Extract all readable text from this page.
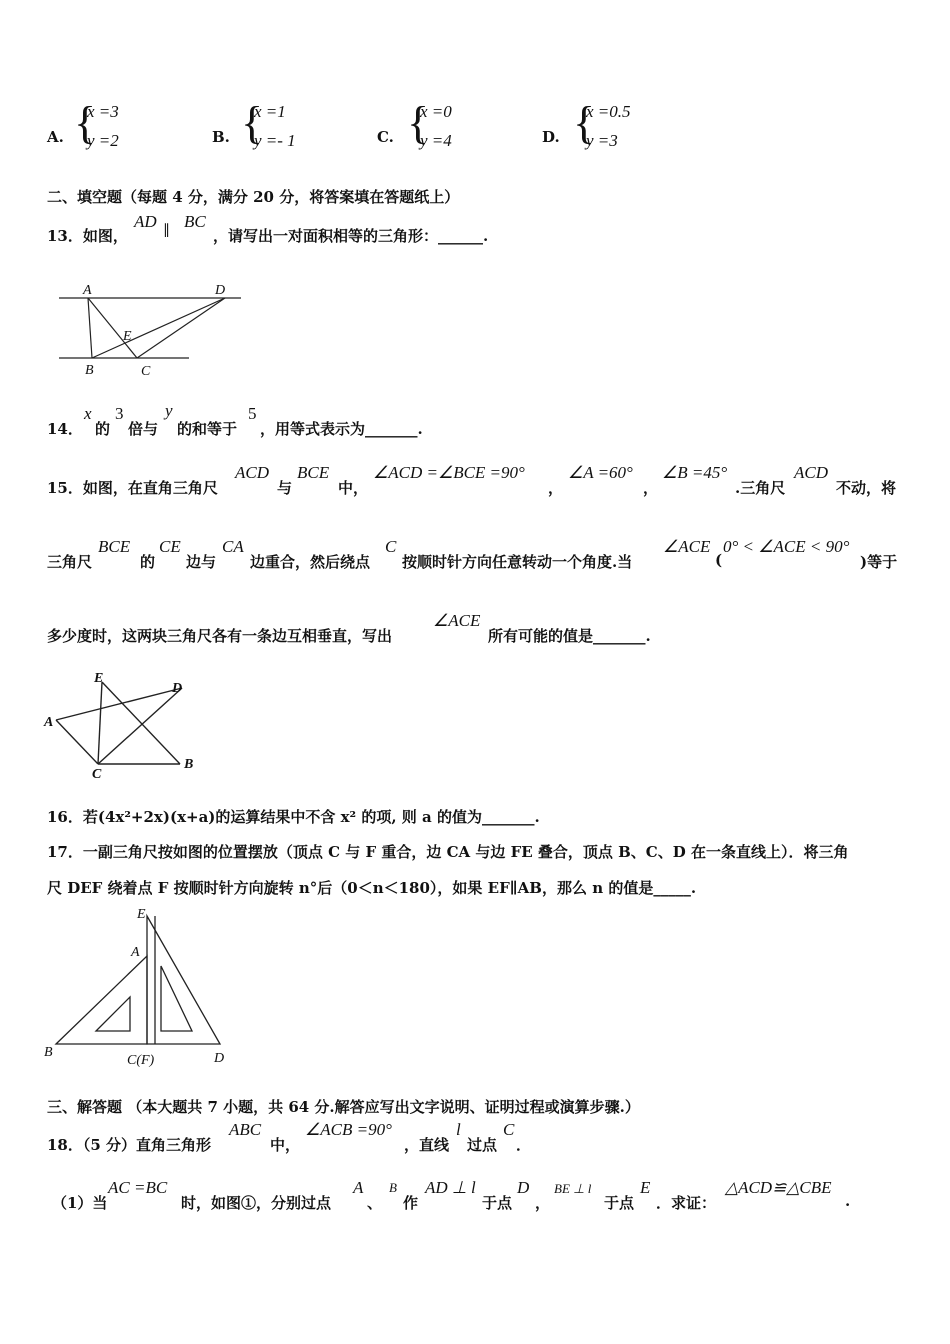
A. {
x =3
y =2	B. {
x =1
y =- 1	C. {
x =0
y =4	D. {
x =0.5
y =3
二、填空题（每题 4 分，满分 20 分，将答案填在答题纸上）
13．如图，
AD ∥ BC
，请写出一对面积相等的三角形：______.
A	D
E
B	C
14．
x
的
3
倍与
y
的和等于
5
，用等式表示为_______.
15．如图，在直角三角尺
ACD
与
BCE
中，
∠ACD =∠BCE =90°
，
∠A =60°
，
∠B =45°
.三角尺
ACD
不动，将
三角尺
BCE
的
CE
边与
CA
边重合，然后绕点
C
按顺时针方向任意转动一个角度.当
∠ACE
(
0° < ∠ACE < 90°
)等于
多少度时，这两块三角尺各有一条边互相垂直，写出
∠ACE
所有可能的值是_______.
E
D
A
C
B
16．若(4x²+2x)(x+a)的运算结果中不含 x² 的项, 则 a 的值为_______.
17．一副三角尺按如图的位置摆放（顶点 C 与 F 重合，边 CA 与边 FE 叠合，顶点 B、C、D 在一条直线上）．将三角
尺 DEF 绕着点 F 按顺时针方向旋转 n°后（0＜n＜180），如果 EF∥AB，那么 n 的值是_____.
E
A
B
C(F)	D
三、解答题 （本大题共 7 小题，共 64 分.解答应写出文字说明、证明过程或演算步骤.）
18．（5 分）直角三角形
ABC
中，
∠ACB =90°
，直线
l
过点
C
．
（1）当
AC =BC
时，如图①，分别过点
A
、
B
作
AD ⊥ l
于点
D
，
BE ⊥ l
于点
E
．求证：
△ACD≌△CBE
.
